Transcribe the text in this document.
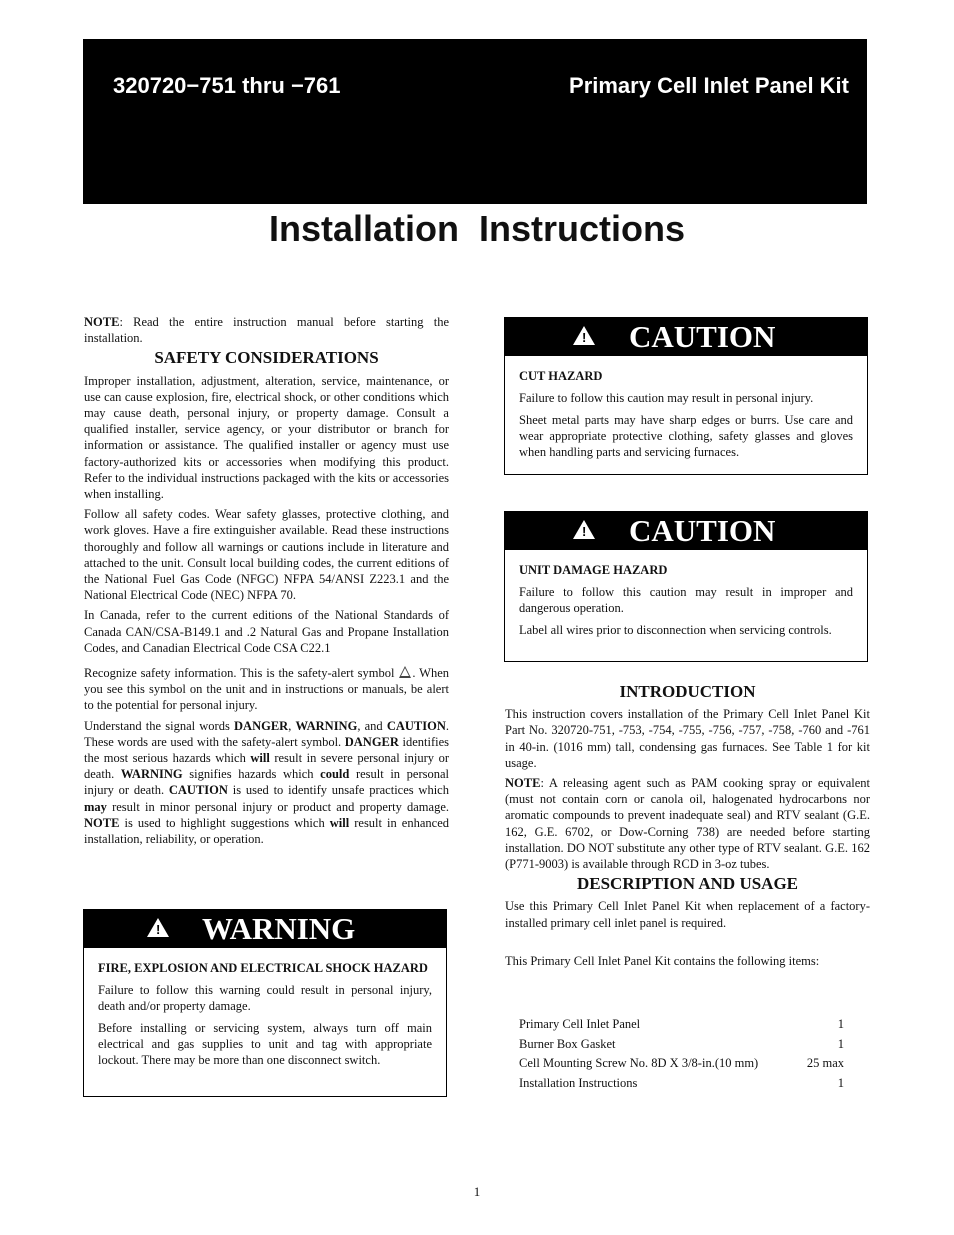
320720−751 thru −761	Primary Cell Inlet Panel Kit
Installation  Instructions

NOTE: Read the entire instruction manual before starting the installation.

SAFETY CONSIDERATIONS

Improper installation, adjustment, alteration, service, maintenance, or use can cause explosion, fire, electrical shock, or other conditions which may cause death, personal injury, or property damage. Consult a qualified installer, service agency, or your distributor or branch for information or assistance. The qualified installer or agency must use factory-authorized kits or accessories when modifying this product. Refer to the individual instructions packaged with the kits or accessories when installing.

Follow all safety codes. Wear safety glasses, protective clothing, and work gloves. Have a fire extinguisher available. Read these instructions thoroughly and follow all warnings or cautions include in literature and attached to the unit. Consult local building codes, the current editions of the National Fuel Gas Code (NFGC) NFPA 54/ANSI Z223.1 and the National Electrical Code (NEC) NFPA 70.

In Canada, refer to the current editions of the National Standards of Canada CAN/CSA-B149.1 and .2 Natural Gas and Propane Installation Codes, and Canadian Electrical Code CSA C22.1

Recognize safety information. This is the safety-alert symbol . When you see this symbol on the unit and in instructions or manuals, be alert to the potential for personal injury.

Understand the signal words DANGER, WARNING, and CAUTION. These words are used with the safety-alert symbol. DANGER identifies the most serious hazards which will result in severe personal injury or death. WARNING signifies hazards which could result in personal injury or death. CAUTION is used to identify unsafe practices which may result in minor personal injury or product and property damage. NOTE is used to highlight suggestions which will result in enhanced installation, reliability, or operation.

! WARNING

FIRE, EXPLOSION AND ELECTRICAL SHOCK HAZARD

Failure to follow this warning could result in personal injury, death and/or property damage.

Before installing or servicing system, always turn off main electrical and gas supplies to unit and tag with appropriate lockout. There may be more than one disconnect switch.

! CAUTION

CUT HAZARD

Failure to follow this caution may result in personal injury.

Sheet metal parts may have sharp edges or burrs. Use care and wear appropriate protective clothing, safety glasses and gloves when handling parts and servicing furnaces.

! CAUTION

UNIT DAMAGE HAZARD

Failure to follow this caution may result in improper and dangerous operation.

Label all wires prior to disconnection when servicing controls.

INTRODUCTION

This instruction covers installation of the Primary Cell Inlet Panel Kit Part No. 320720-751, -753, -754, -755, -756, -757, -758, -760 and -761 in 40-in. (1016 mm) tall, condensing gas furnaces. See Table 1 for kit usage.

NOTE: A releasing agent such as PAM cooking spray or equivalent (must not contain corn or canola oil, halogenated hydrocarbons nor aromatic compounds to prevent inadequate seal) and RTV sealant (G.E. 162, G.E. 6702, or Dow-Corning 738) are needed before starting installation. DO NOT substitute any other type of RTV sealant. G.E. 162 (P771-9003) is available through RCD in 3-oz tubes.

DESCRIPTION AND USAGE

Use this Primary Cell Inlet Panel Kit when replacement of a factory-installed primary cell inlet panel is required.

This Primary Cell Inlet Panel Kit contains the following items:

Primary Cell Inlet Panel	1
Burner Box Gasket	1
Cell Mounting Screw No. 8D X 3/8-in.(10 mm)	25 max
Installation Instructions	1
1
